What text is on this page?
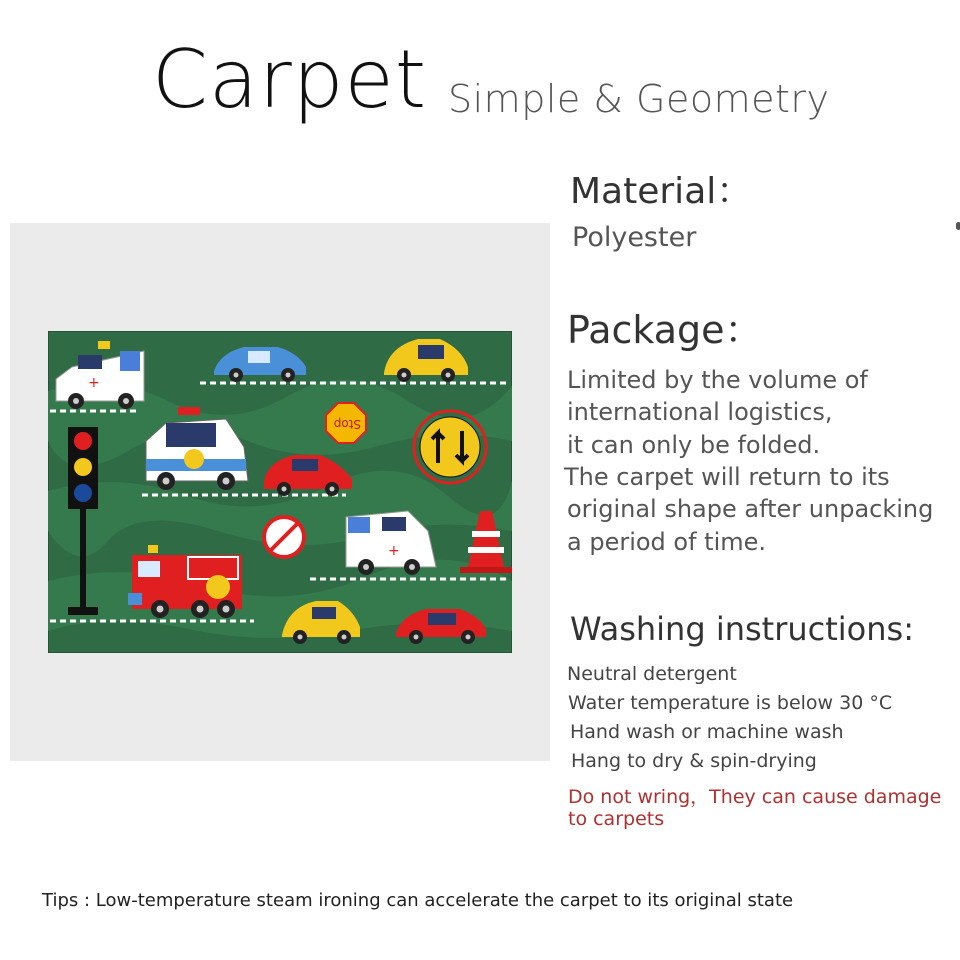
Carpet Simple & Geometry
+
Stop
+
Material：
Polyester
Package：
Limited by the volume of
international logistics,
it can only be folded.
The carpet will return to its
original shape after unpacking
a period of time.
Washing instructions:
Neutral detergent
Water temperature is below 30 °C
Hand wash or machine wash
Hang to dry & spin-drying
Do not wring，They can cause damage
to carpets
Tips : Low-temperature steam ironing can accelerate the carpet to its original state
